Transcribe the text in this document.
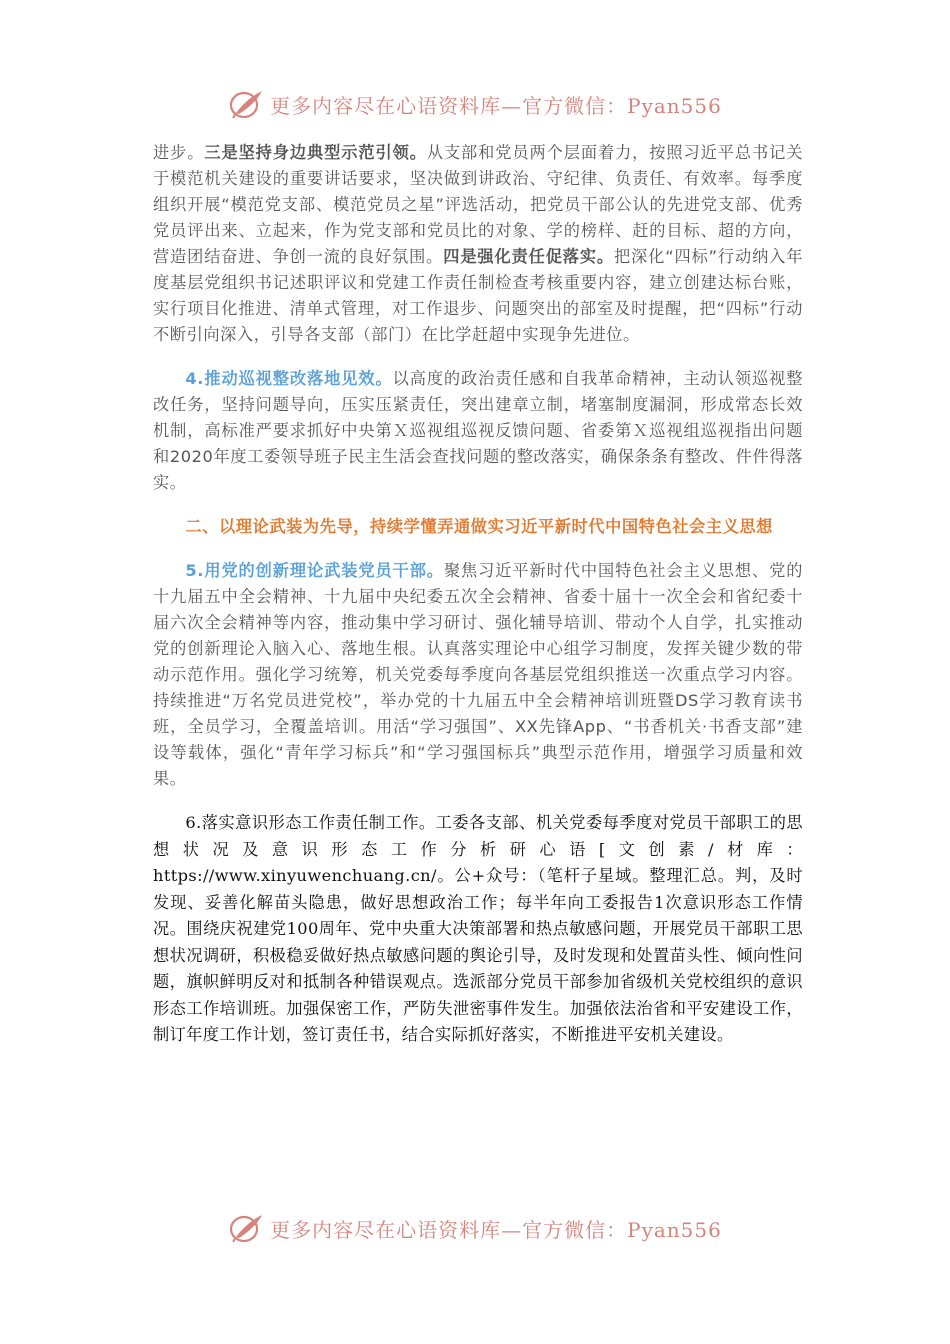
更多内容尽在心语资料库—官方微信：Pyan556

进步。三是坚持身边典型示范引领。从支部和党员两个层面着力，按照习近平总书记关于模范机关建设的重要讲话要求，坚决做到讲政治、守纪律、负责任、有效率。每季度组织开展“模范党支部、模范党员之星”评选活动，把党员干部公认的先进党支部、优秀党员评出来、立起来，作为党支部和党员比的对象、学的榜样、赶的目标、超的方向，营造团结奋进、争创一流的良好氛围。四是强化责任促落实。把深化“四标”行动纳入年度基层党组织书记述职评议和党建工作责任制检查考核重要内容，建立创建达标台账，实行项目化推进、清单式管理，对工作退步、问题突出的部室及时提醒，把“四标”行动不断引向深入，引导各支部（部门）在比学赶超中实现争先进位。

4.推动巡视整改落地见效。以高度的政治责任感和自我革命精神，主动认领巡视整改任务，坚持问题导向，压实压紧责任，突出建章立制，堵塞制度漏洞，形成常态长效机制，高标准严要求抓好中央第Ｘ巡视组巡视反馈问题、省委第Ｘ巡视组巡视指出问题和2020年度工委领导班子民主生活会查找问题的整改落实，确保条条有整改、件件得落实。

二、以理论武装为先导，持续学懂弄通做实习近平新时代中国特色社会主义思想

5.用党的创新理论武装党员干部。聚焦习近平新时代中国特色社会主义思想、党的十九届五中全会精神、十九届中央纪委五次全会精神、省委十届十一次全会和省纪委十届六次全会精神等内容，推动集中学习研讨、强化辅导培训、带动个人自学，扎实推动党的创新理论入脑入心、落地生根。认真落实理论中心组学习制度，发挥关键少数的带动示范作用。强化学习统筹，机关党委每季度向各基层党组织推送一次重点学习内容。持续推进“万名党员进党校”，举办党的十九届五中全会精神培训班暨DS学习教育读书班，全员学习，全覆盖培训。用活“学习强国”、XX先锋App、“书香机关·书香支部”建设等载体，强化“青年学习标兵”和“学习强国标兵”典型示范作用，增强学习质量和效果。

6.落实意识形态工作责任制工作。工委各支部、机关党委每季度对党员干部职工的思想状况及意识形态工作分析研心语[文创素/材库：https://www.xinyuwenchuang.cn/。公+众号：（笔杆子星域。整理汇总。判，及时发现、妥善化解苗头隐患，做好思想政治工作；每半年向工委报告1次意识形态工作情况。围绕庆祝建党100周年、党中央重大决策部署和热点敏感问题，开展党员干部职工思想状况调研，积极稳妥做好热点敏感问题的舆论引导，及时发现和处置苗头性、倾向性问题，旗帜鲜明反对和抵制各种错误观点。选派部分党员干部参加省级机关党校组织的意识形态工作培训班。加强保密工作，严防失泄密事件发生。加强依法治省和平安建设工作，制订年度工作计划，签订责任书，结合实际抓好落实，不断推进平安机关建设。

更多内容尽在心语资料库—官方微信：Pyan556
